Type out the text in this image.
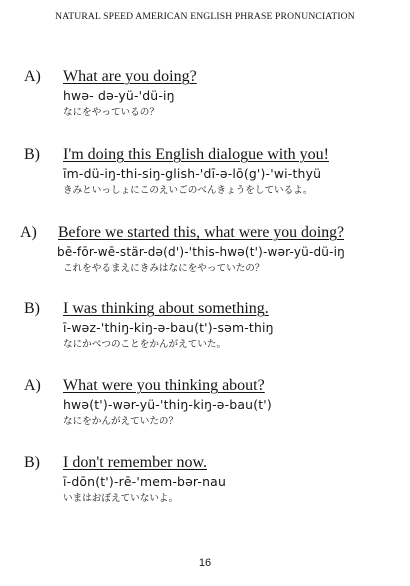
NATURAL SPEED AMERICAN ENGLISH PHRASE PRONUNCIATION
A) What are you doing?
hwə- də-yü-'dü-iŋ
なにをやっているの？
B) I'm doing this English dialogue with you!
īm-dü-iŋ-thi-siŋ-glish-'dī-ə-lō(g')-'wi-thyü
きみといっしょにこのえいごのべんきょうをしているよ。
A) Before we started this, what were you doing?
bē-fōr-wē-stär-də(d')-'this-hwə(t')-wər-yü-dü-iŋ
これをやるまえにきみはなにをやっていたの？
B) I was thinking about something.
ī-wəz-'thiŋ-kiŋ-ə-bau(t')-səm-thiŋ
なにかべつのことをかんがえていた。
A) What were you thinking about?
hwə(t')-wər-yü-'thiŋ-kiŋ-ə-bau(t')
なにをかんがえていたの？
B) I don't remember now.
ī-dōn(t')-rē-'mem-bər-nau
いまはおぼえていないよ。
16
